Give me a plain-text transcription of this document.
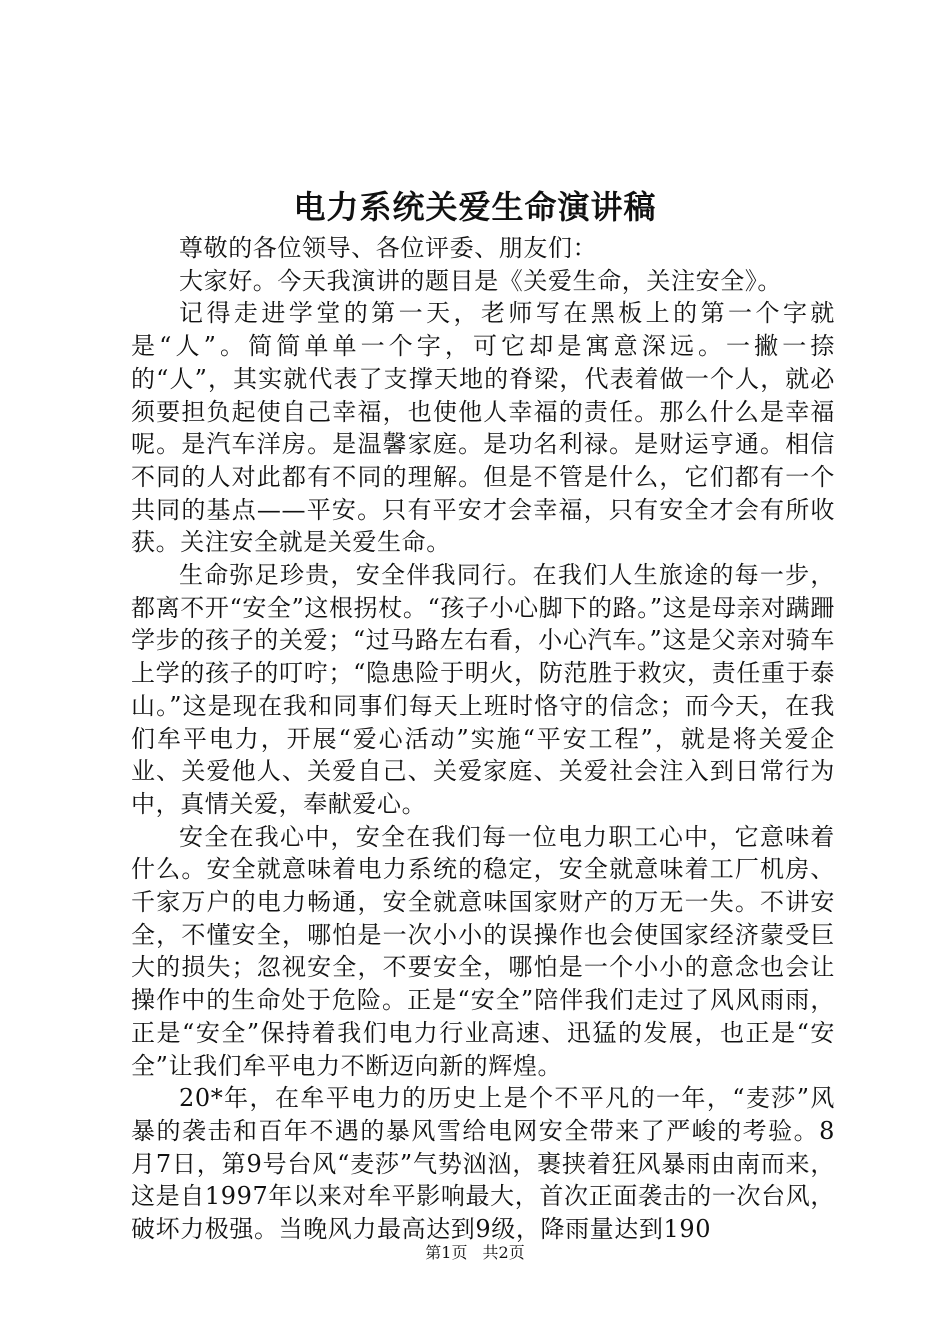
电力系统关爱生命演讲稿

尊敬的各位领导、各位评委、朋友们：

大家好。今天我演讲的题目是《关爱生命，关注安全》。

记得走进学堂的第一天，老师写在黑板上的第一个字就是“人”。简简单单一个字，可它却是寓意深远。一撇一捺的“人”，其实就代表了支撑天地的脊梁，代表着做一个人，就必须要担负起使自己幸福，也使他人幸福的责任。那么什么是幸福呢。是汽车洋房。是温馨家庭。是功名利禄。是财运亨通。相信不同的人对此都有不同的理解。但是不管是什么，它们都有一个共同的基点——平安。只有平安才会幸福，只有安全才会有所收获。关注安全就是关爱生命。

生命弥足珍贵，安全伴我同行。在我们人生旅途的每一步，都离不开“安全”这根拐杖。“孩子小心脚下的路。”这是母亲对蹒跚学步的孩子的关爱；“过马路左右看，小心汽车。”这是父亲对骑车上学的孩子的叮咛；“隐患险于明火，防范胜于救灾，责任重于泰山。”这是现在我和同事们每天上班时恪守的信念；而今天，在我们牟平电力，开展“爱心活动”实施“平安工程”，就是将关爱企业、关爱他人、关爱自己、关爱家庭、关爱社会注入到日常行为中，真情关爱，奉献爱心。

安全在我心中，安全在我们每一位电力职工心中，它意味着什么。安全就意味着电力系统的稳定，安全就意味着工厂机房、千家万户的电力畅通，安全就意味国家财产的万无一失。不讲安全，不懂安全，哪怕是一次小小的误操作也会使国家经济蒙受巨大的损失；忽视安全，不要安全，哪怕是一个小小的意念也会让操作中的生命处于危险。正是“安全”陪伴我们走过了风风雨雨，正是“安全”保持着我们电力行业高速、迅猛的发展，也正是“安全”让我们牟平电力不断迈向新的辉煌。

20*年，在牟平电力的历史上是个不平凡的一年，“麦莎”风暴的袭击和百年不遇的暴风雪给电网安全带来了严峻的考验。8月7日，第9号台风“麦莎”气势汹汹，裹挟着狂风暴雨由南而来，这是自1997年以来对牟平影响最大，首次正面袭击的一次台风，破坏力极强。当晚风力最高达到9级，降雨量达到190

第1页 共2页
